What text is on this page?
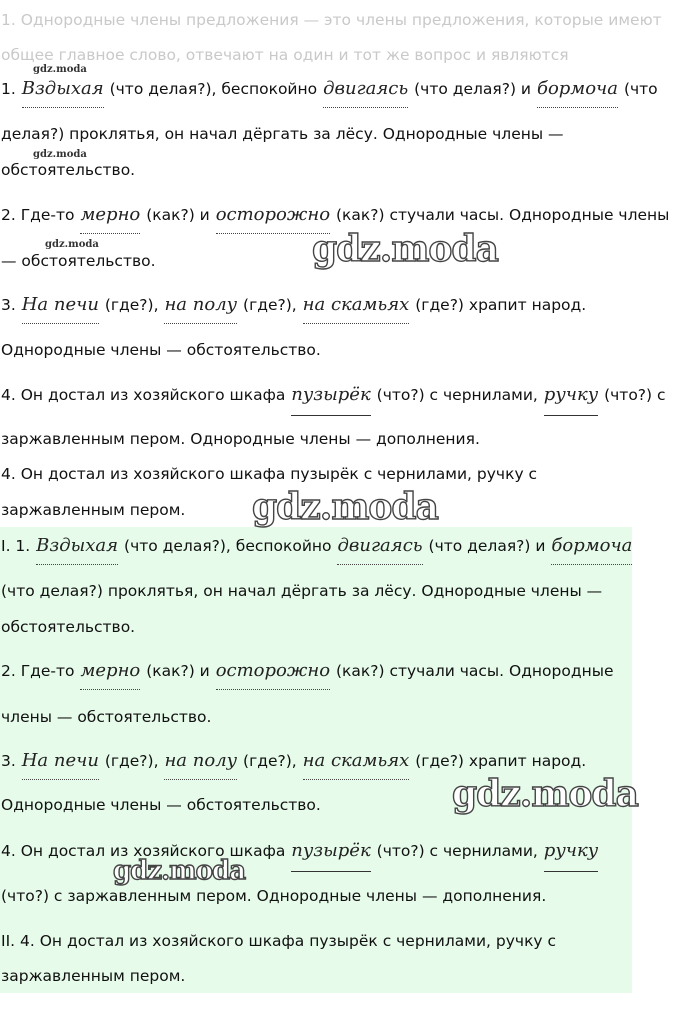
1. Однородные члены предложения — это члены предложения, которые имеют
общее главное слово, отвечают на один и тот же вопрос и являются
gdz.moda
1. Вздыхая (что делая?), беспокойно двигаясь (что делая?) и бормоча (что
делая?) проклятья, он начал дёргать за лёсу. Однородные члены —
gdz.moda
обстоятельство.
2. Где-то мерно (как?) и осторожно (как?) стучали часы. Однородные члены
gdz.moda
— обстоятельство.	gdz.moda
3. На печи (где?), на полу (где?), на скамьях (где?) храпит народ.
Однородные члены — обстоятельство.
4. Он достал из хозяйского шкафа пузырёк (что?) с чернилами, ручку (что?) с
заржавленным пером. Однородные члены — дополнения.
4. Он достал из хозяйского шкафа пузырёк с чернилами, ручку с
заржавленным пером. gdz.moda
I. 1. Вздыхая (что делая?), беспокойно двигаясь (что делая?) и бормоча
(что делая?) проклятья, он начал дёргать за лёсу. Однородные члены —
обстоятельство.
2. Где-то мерно (как?) и осторожно (как?) стучали часы. Однородные
члены — обстоятельство.
3. На печи (где?), на полу (где?), на скамьях (где?) храпит народ.
Однородные члены — обстоятельство.	gdz.moda
4. Он достал из хозяйского шкафа пузырёк (что?) с чернилами, ручку
gdz.moda
(что?) с заржавленным пером. Однородные члены — дополнения.
II. 4. Он достал из хозяйского шкафа пузырёк с чернилами, ручку с
заржавленным пером.
